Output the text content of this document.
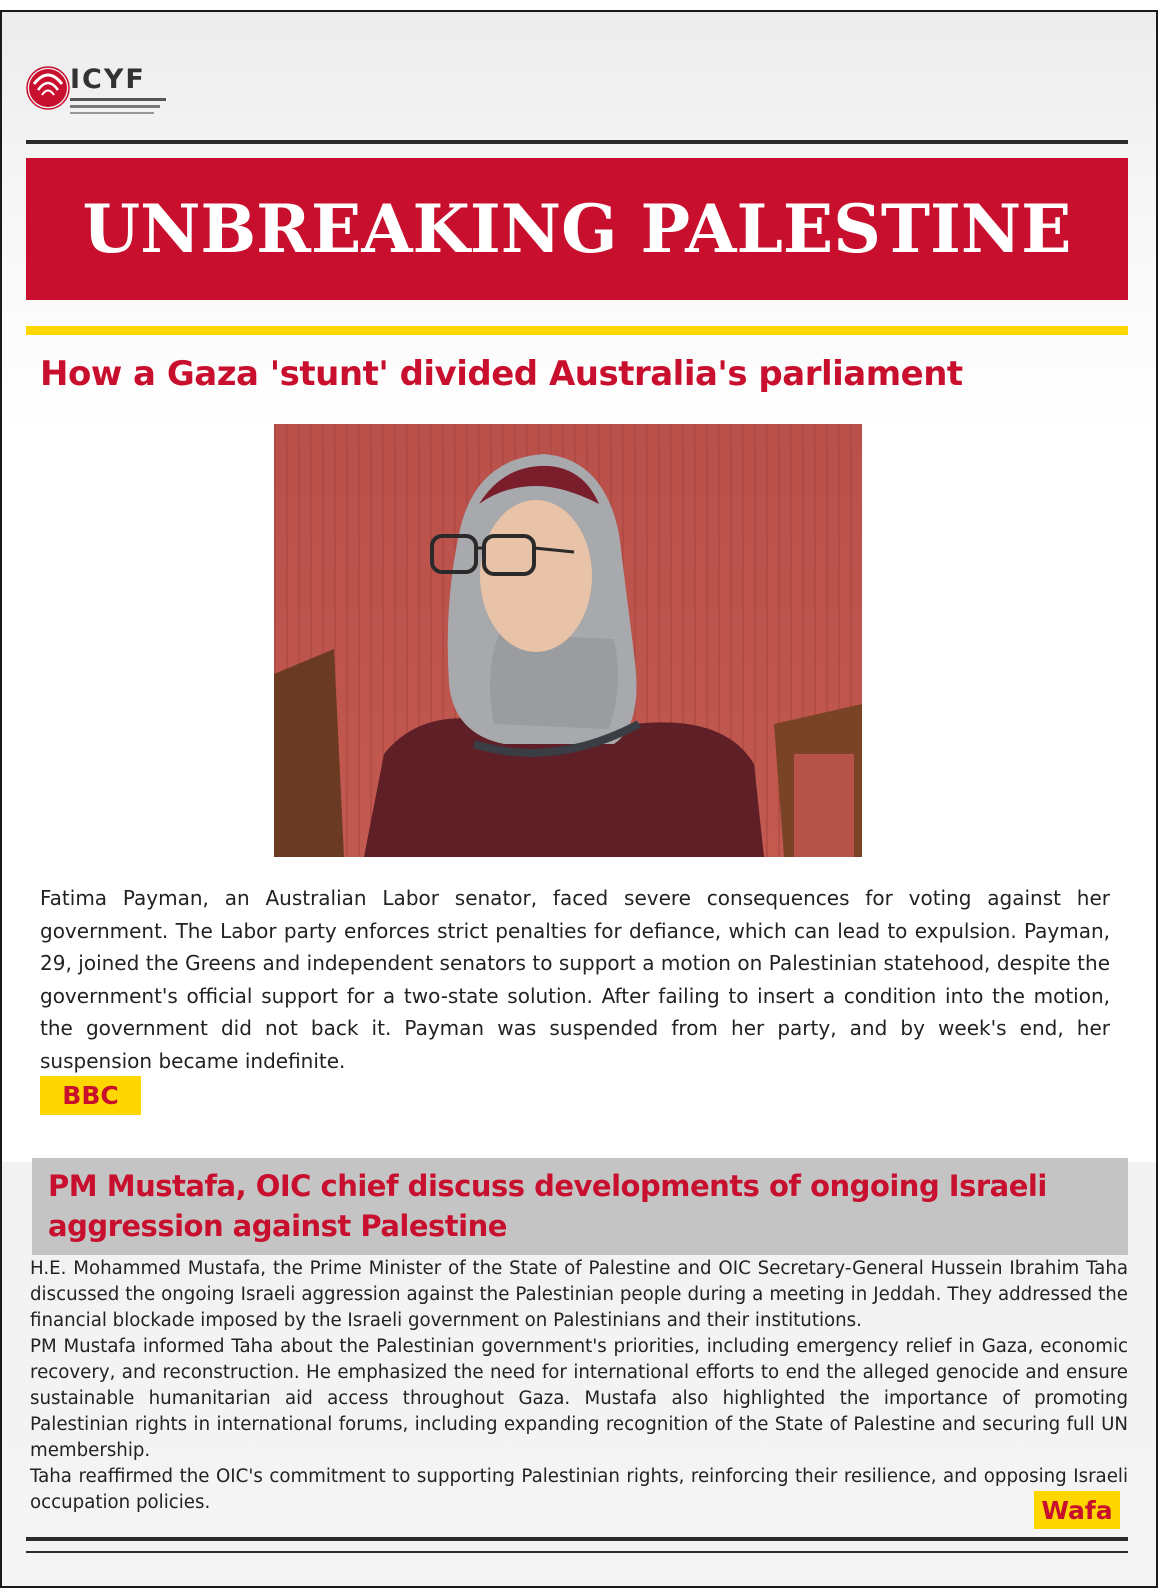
ICYF
UNBREAKING PALESTINE
How a Gaza 'stunt' divided Australia's parliament
Fatima Payman, an Australian Labor senator, faced severe consequences for voting against her government. The Labor party enforces strict penalties for defiance, which can lead to expulsion. Payman, 29, joined the Greens and independent senators to support a motion on Palestinian statehood, despite the government's official support for a two-state solution. After failing to insert a condition into the motion, the government did not back it. Payman was suspended from her party, and by week's end, her suspension became indefinite.
BBC
PM Mustafa, OIC chief discuss developments of ongoing Israeli aggression against Palestine

H.E. Mohammed Mustafa, the Prime Minister of the State of Palestine and OIC Secretary-General Hussein Ibrahim Taha discussed the ongoing Israeli aggression against the Palestinian people during a meeting in Jeddah. They addressed the financial blockade imposed by the Israeli government on Palestinians and their institutions.

PM Mustafa informed Taha about the Palestinian government's priorities, including emergency relief in Gaza, economic recovery, and reconstruction. He emphasized the need for international efforts to end the alleged genocide and ensure sustainable humanitarian aid access throughout Gaza. Mustafa also highlighted the importance of promoting Palestinian rights in international forums, including expanding recognition of the State of Palestine and securing full UN membership.

Taha reaffirmed the OIC's commitment to supporting Palestinian rights, reinforcing their resilience, and opposing Israeli occupation policies.	Wafa
